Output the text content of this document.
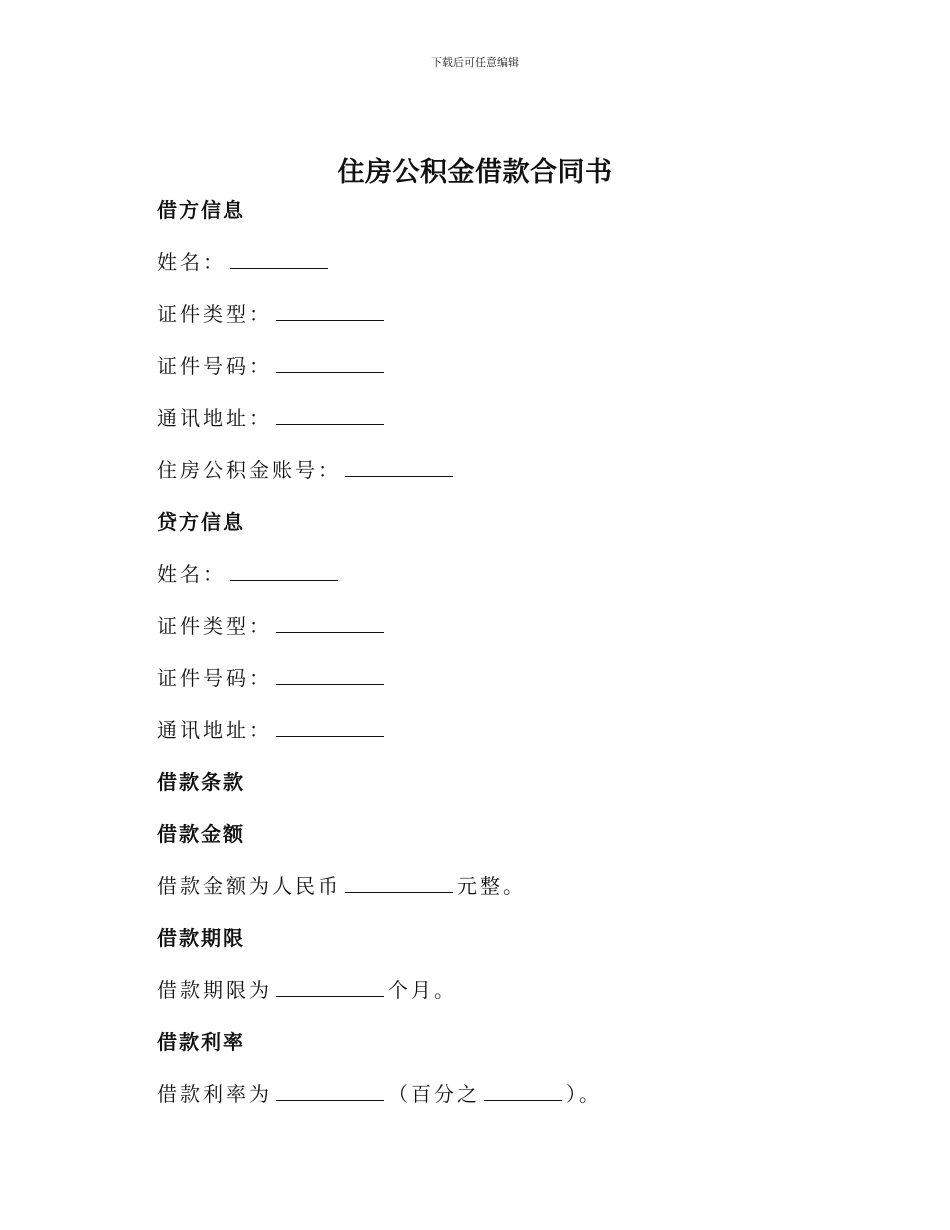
下载后可任意编辑
住房公积金借款合同书
借方信息
姓名：
证件类型：
证件号码：
通讯地址：
住房公积金账号：
贷方信息
姓名：
证件类型：
证件号码：
通讯地址：
借款条款
借款金额
借款金额为人民币	元整。
借款期限
借款期限为	个月。
借款利率
借款利率为	（百分之	）。
